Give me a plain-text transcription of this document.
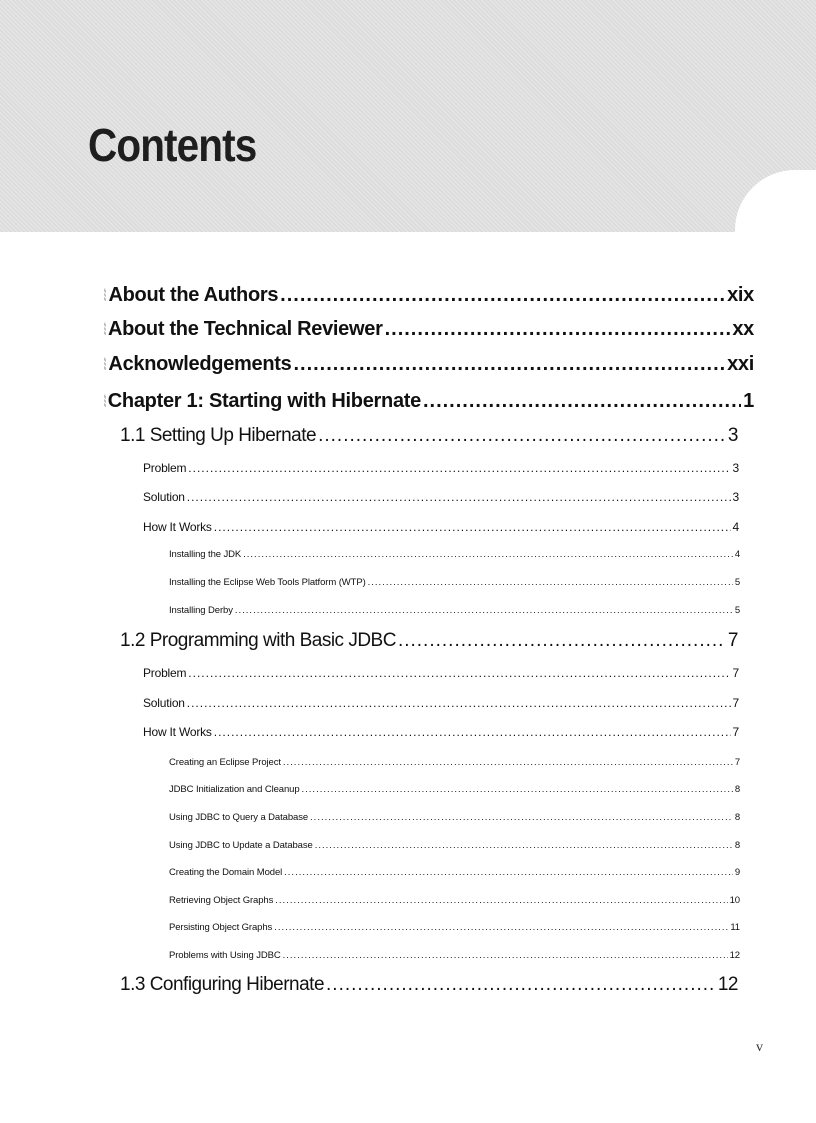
Contents
About the Authors .....	xix
About the Technical Reviewer .....	xx
Acknowledgements .....	xxi
Chapter 1: Starting with Hibernate .....	1
1.1 Setting Up Hibernate .....	3
Problem .....	3
Solution .....	3
How It Works .....	4
Installing the JDK .....	4
Installing the Eclipse Web Tools Platform (WTP) .....	5
Installing Derby .....	5
1.2 Programming with Basic JDBC .....	7
Problem .....	7
Solution .....	7
How It Works .....	7
Creating an Eclipse Project .....	7
JDBC Initialization and Cleanup .....	8
Using JDBC to Query a Database .....	8
Using JDBC to Update a Database .....	8
Creating the Domain Model .....	9
Retrieving Object Graphs .....	10
Persisting Object Graphs .....	11
Problems with Using JDBC .....	12
1.3 Configuring Hibernate .....	12
v
